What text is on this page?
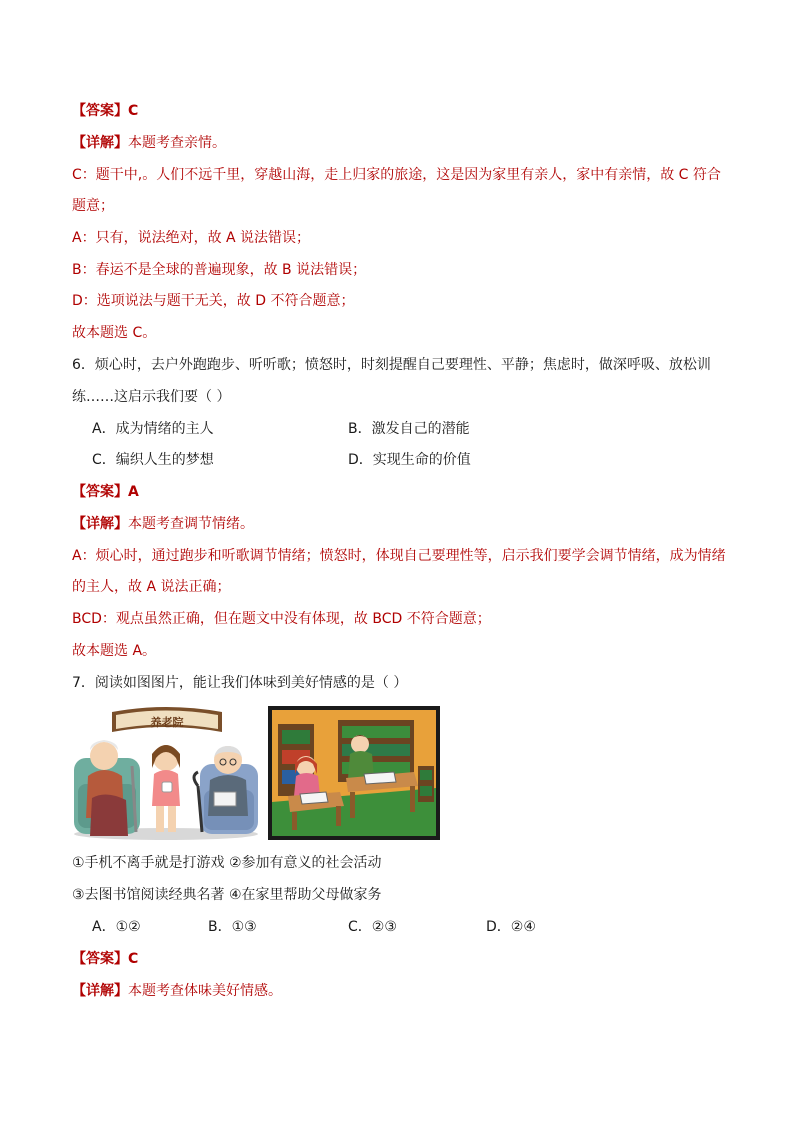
【答案】C
【详解】本题考查亲情。
C：题干中,。人们不远千里，穿越山海，走上归家的旅途，这是因为家里有亲人，家中有亲情，故 C 符合
题意；
A：只有，说法绝对，故 A 说法错误；
B：春运不是全球的普遍现象，故 B 说法错误；
D：选项说法与题干无关，故 D 不符合题意；
故本题选 C。
6．烦心时，去户外跑跑步、听听歌；愤怒时，时刻提醒自己要理性、平静；焦虑时，做深呼吸、放松训
练……这启示我们要（ ）
A．成为情绪的主人	B．激发自己的潜能
C．编织人生的梦想	D．实现生命的价值
【答案】A
【详解】本题考查调节情绪。
A：烦心时，通过跑步和听歌调节情绪；愤怒时，体现自己要理性等，启示我们要学会调节情绪，成为情绪
的主人，故 A 说法正确；
BCD：观点虽然正确，但在题文中没有体现，故 BCD 不符合题意；
故本题选 A。
7．阅读如图图片，能让我们体味到美好情感的是（ ）
养老院
①手机不离手就是打游戏 ②参加有意义的社会活动
③去图书馆阅读经典名著 ④在家里帮助父母做家务
A．①②	B．①③	C．②③	D．②④
【答案】C
【详解】本题考查体味美好情感。
